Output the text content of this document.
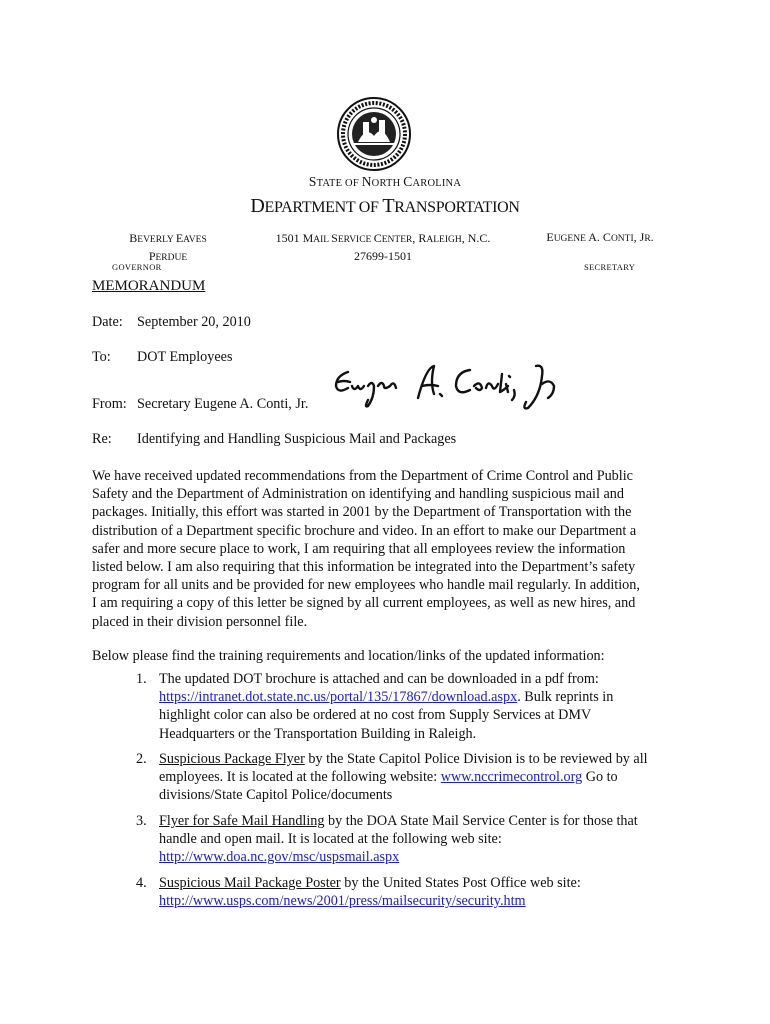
STATE OF NORTH CAROLINA
DEPARTMENT OF TRANSPORTATION
BEVERLY EAVES
PERDUE
GOVERNOR
1501 MAIL SERVICE CENTER, RALEIGH, N.C.
27699-1501
EUGENE A. CONTI, JR.
SECRETARY
MEMORANDUM
Date: September 20, 2010
To: DOT Employees
From: Secretary Eugene A. Conti, Jr.
Re: Identifying and Handling Suspicious Mail and Packages
We have received updated recommendations from the Department of Crime Control and Public
Safety and the Department of Administration on identifying and handling suspicious mail and
packages. Initially, this effort was started in 2001 by the Department of Transportation with the
distribution of a Department specific brochure and video. In an effort to make our Department a
safer and more secure place to work, I am requiring that all employees review the information
listed below. I am also requiring that this information be integrated into the Department’s safety
program for all units and be provided for new employees who handle mail regularly. In addition,
I am requiring a copy of this letter be signed by all current employees, as well as new hires, and
placed in their division personnel file.
Below please find the training requirements and location/links of the updated information:
1. The updated DOT brochure is attached and can be downloaded in a pdf from:
https://intranet.dot.state.nc.us/portal/135/17867/download.aspx. Bulk reprints in
highlight color can also be ordered at no cost from Supply Services at DMV
Headquarters or the Transportation Building in Raleigh.
2. Suspicious Package Flyer by the State Capitol Police Division is to be reviewed by all
employees. It is located at the following website: www.nccrimecontrol.org Go to
divisions/State Capitol Police/documents
3. Flyer for Safe Mail Handling by the DOA State Mail Service Center is for those that
handle and open mail. It is located at the following web site:
http://www.doa.nc.gov/msc/uspsmail.aspx
4. Suspicious Mail Package Poster by the United States Post Office web site:
http://www.usps.com/news/2001/press/mailsecurity/security.htm
